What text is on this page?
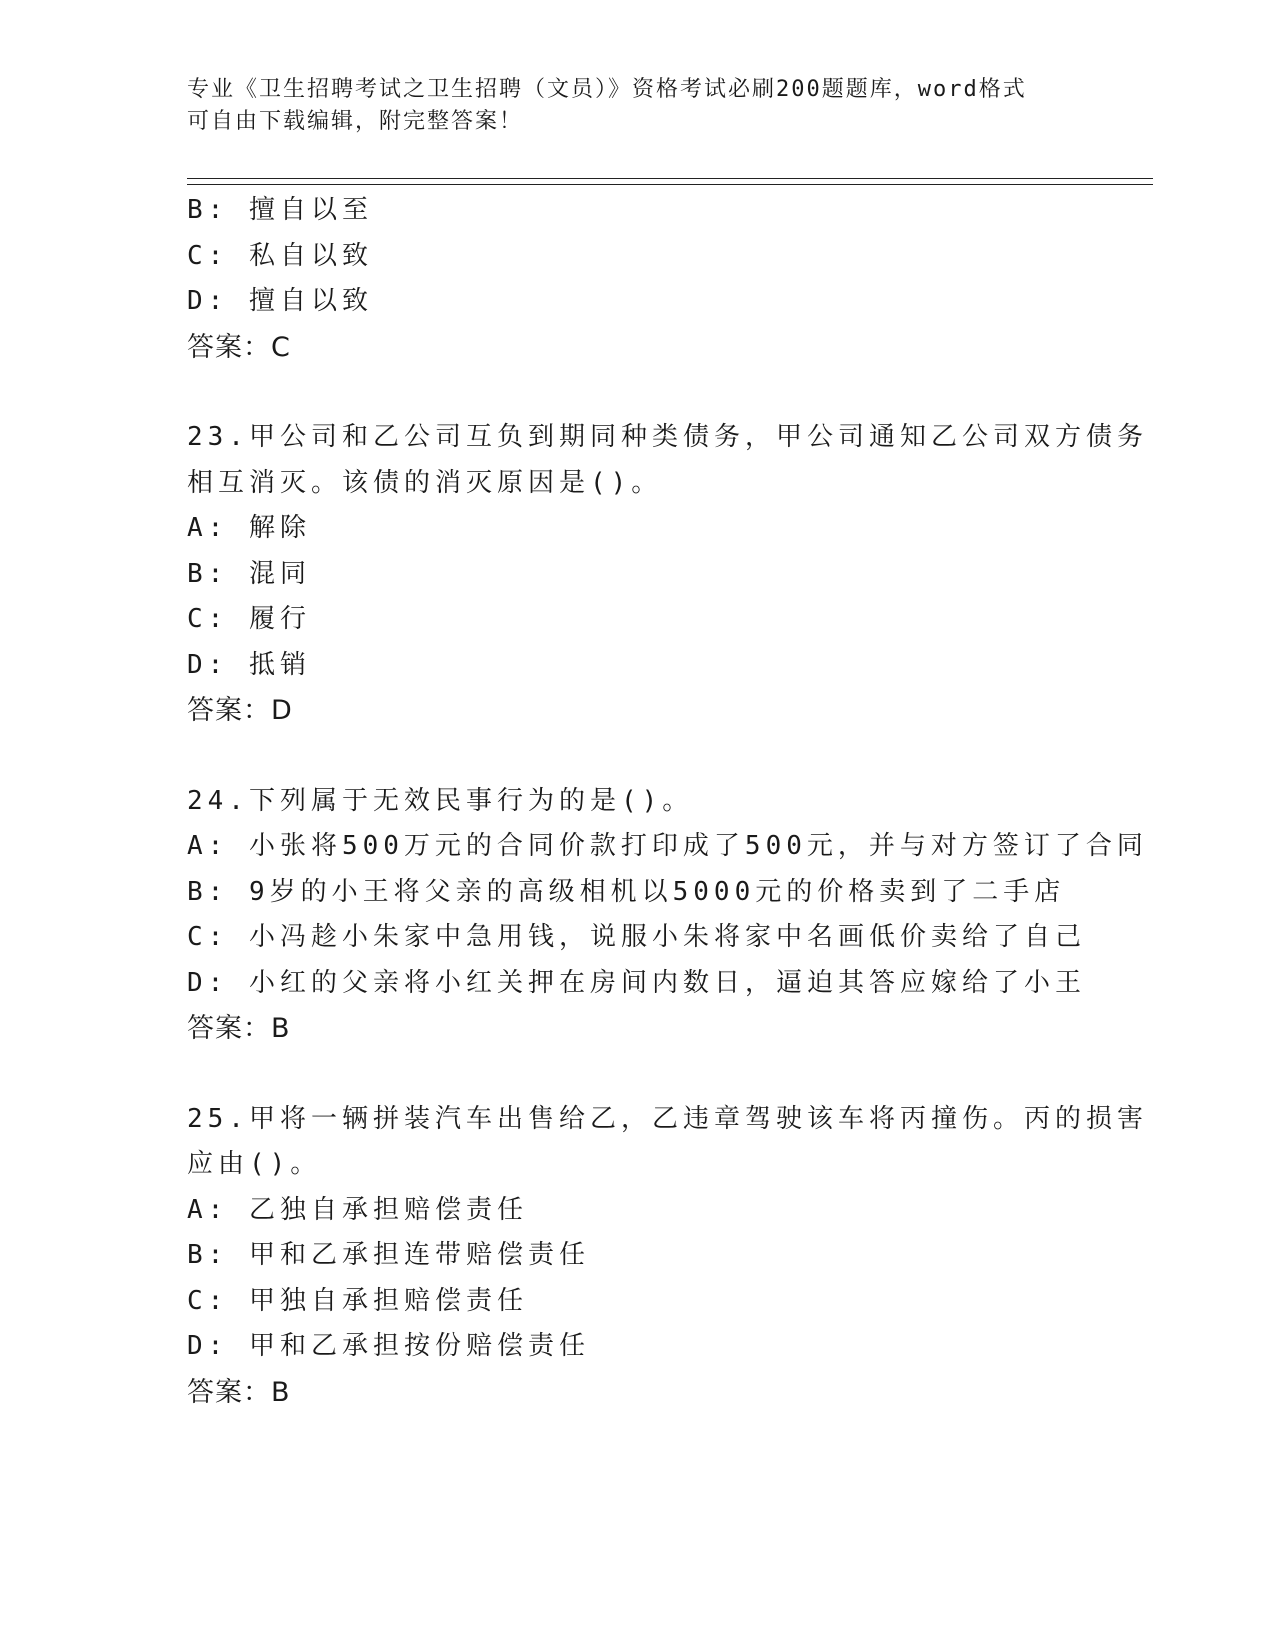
专业《卫生招聘考试之卫生招聘（文员）》资格考试必刷200题题库，word格式
可自由下载编辑，附完整答案！
B: 擅自以至
C: 私自以致
D: 擅自以致
答案：C
23.甲公司和乙公司互负到期同种类债务，甲公司通知乙公司双方债务
相互消灭。该债的消灭原因是()。
A: 解除
B: 混同
C: 履行
D: 抵销
答案：D
24.下列属于无效民事行为的是()。
A: 小张将500万元的合同价款打印成了500元，并与对方签订了合同
B: 9岁的小王将父亲的高级相机以5000元的价格卖到了二手店
C: 小冯趁小朱家中急用钱，说服小朱将家中名画低价卖给了自己
D: 小红的父亲将小红关押在房间内数日，逼迫其答应嫁给了小王
答案：B
25.甲将一辆拼装汽车出售给乙，乙违章驾驶该车将丙撞伤。丙的损害
应由()。
A: 乙独自承担赔偿责任
B: 甲和乙承担连带赔偿责任
C: 甲独自承担赔偿责任
D: 甲和乙承担按份赔偿责任
答案：B
